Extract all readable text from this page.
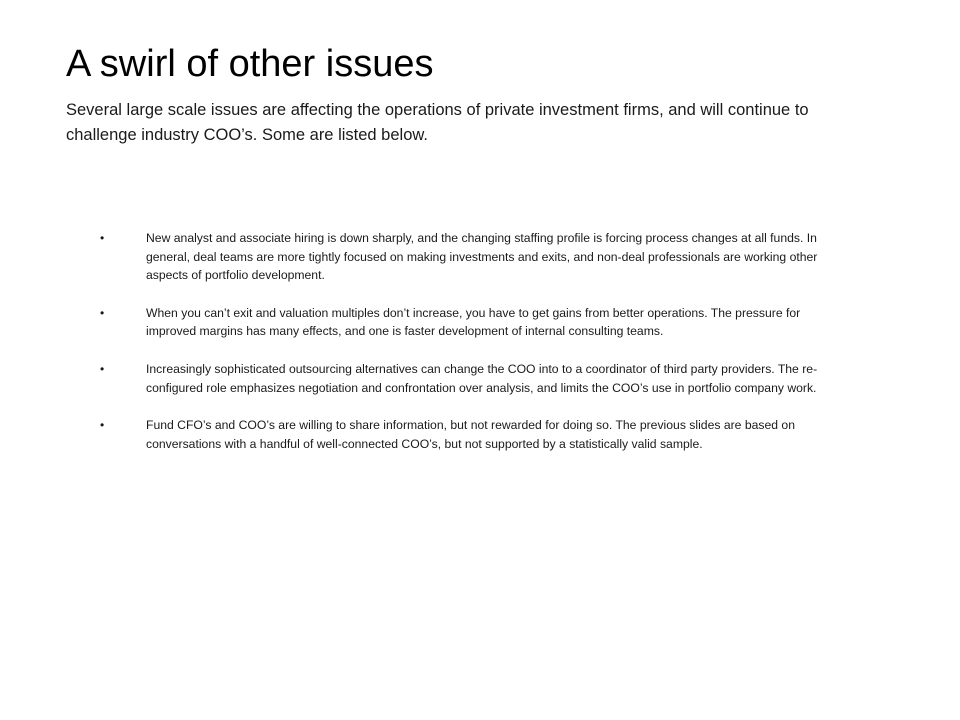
A swirl of other issues

Several large scale issues are affecting the operations of private investment firms, and will continue to challenge industry COO’s. Some are listed below.

•	New analyst and associate hiring is down sharply, and the changing staffing profile is forcing process changes at all funds. In general, deal teams are more tightly focused on making investments and exits, and non-deal professionals are working other aspects of portfolio development.
•	When you can’t exit and valuation multiples don’t increase, you have to get gains from better operations. The pressure for improved margins has many effects, and one is faster development of internal consulting teams.
•	Increasingly sophisticated outsourcing alternatives can change the COO into to a coordinator of third party providers. The re-configured role emphasizes negotiation and confrontation over analysis, and limits the COO’s use in portfolio company work.
•	Fund CFO’s and COO’s are willing to share information, but not rewarded for doing so. The previous slides are based on conversations with a handful of well-connected COO’s, but not supported by a statistically valid sample.
